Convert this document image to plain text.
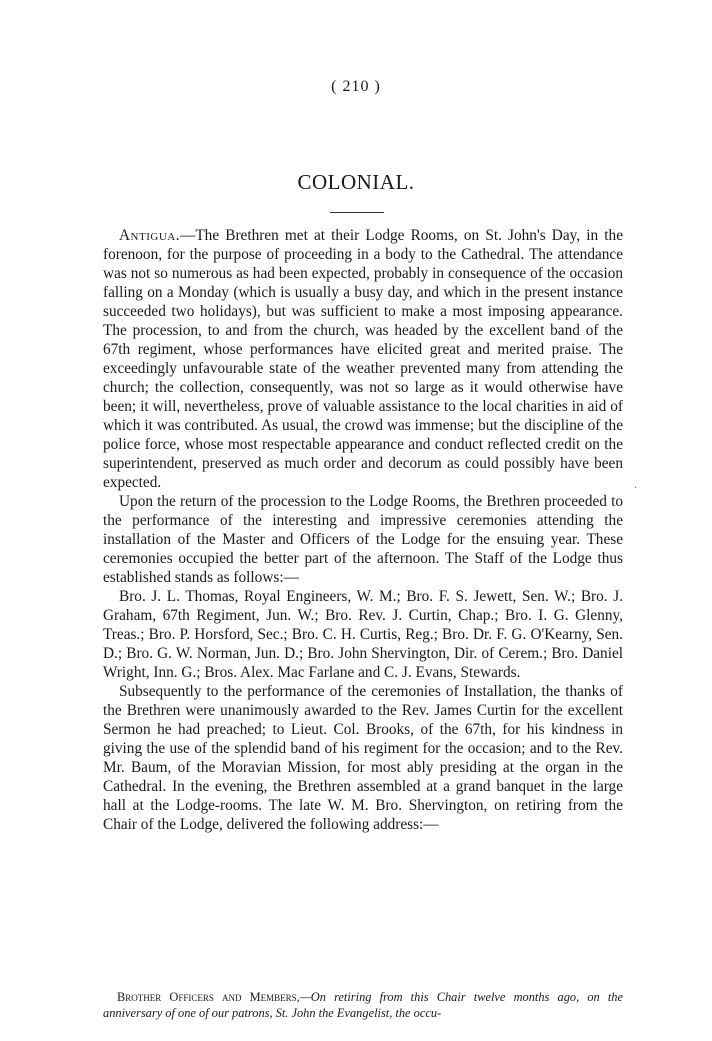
( 210 )
COLONIAL.

Antigua.—The Brethren met at their Lodge Rooms, on St. John's Day, in the forenoon, for the purpose of proceeding in a body to the Cathedral. The attendance was not so numerous as had been expected, probably in consequence of the occasion falling on a Monday (which is usually a busy day, and which in the present instance succeeded two holidays), but was sufficient to make a most imposing appearance. The procession, to and from the church, was headed by the excellent band of the 67th regiment, whose performances have elicited great and merited praise. The exceedingly unfavourable state of the weather prevented many from attending the church; the collection, consequently, was not so large as it would otherwise have been; it will, nevertheless, prove of valuable assistance to the local charities in aid of which it was contributed. As usual, the crowd was immense; but the discipline of the police force, whose most respectable appearance and conduct reflected credit on the superintendent, preserved as much order and decorum as could possibly have been expected.

Upon the return of the procession to the Lodge Rooms, the Brethren proceeded to the performance of the interesting and impressive ceremonies attending the installation of the Master and Officers of the Lodge for the ensuing year. These ceremonies occupied the better part of the afternoon. The Staff of the Lodge thus established stands as follows:—

Bro. J. L. Thomas, Royal Engineers, W. M.; Bro. F. S. Jewett, Sen. W.; Bro. J. Graham, 67th Regiment, Jun. W.; Bro. Rev. J. Curtin, Chap.; Bro. I. G. Glenny, Treas.; Bro. P. Horsford, Sec.; Bro. C. H. Curtis, Reg.; Bro. Dr. F. G. O'Kearny, Sen. D.; Bro. G. W. Norman, Jun. D.; Bro. John Shervington, Dir. of Cerem.; Bro. Daniel Wright, Inn. G.; Bros. Alex. Mac Farlane and C. J. Evans, Stewards.

Subsequently to the performance of the ceremonies of Installation, the thanks of the Brethren were unanimously awarded to the Rev. James Curtin for the excellent Sermon he had preached; to Lieut. Col. Brooks, of the 67th, for his kindness in giving the use of the splendid band of his regiment for the occasion; and to the Rev. Mr. Baum, of the Moravian Mission, for most ably presiding at the organ in the Cathedral. In the evening, the Brethren assembled at a grand banquet in the large hall at the Lodge-rooms. The late W. M. Bro. Shervington, on retiring from the Chair of the Lodge, delivered the following address:—

·

Brother Officers and Members,—On retiring from this Chair twelve months ago, on the anniversary of one of our patrons, St. John the Evangelist, the occu-
